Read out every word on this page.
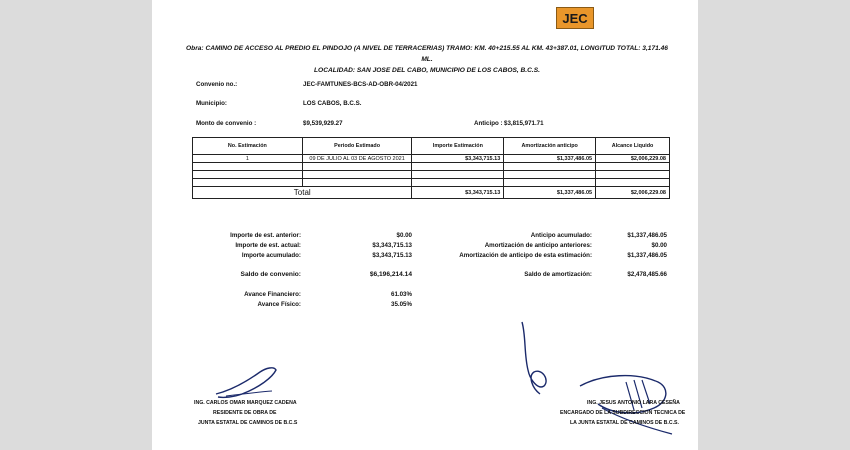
JEC
Obra: CAMINO DE ACCESO AL PREDIO EL PINDOJO (A NIVEL DE TERRACERIAS) TRAMO: KM. 40+215.55 AL KM. 43+387.01, LONGITUD TOTAL: 3,171.46 ML.
LOCALIDAD: SAN JOSE DEL CABO, MUNICIPIO DE LOS CABOS, B.C.S.
Convenio no.:	JEC-FAMTUNES-BCS-AD-OBR-04/2021
Municipio:	LOS CABOS, B.C.S.
Monto de convenio :	$9,539,929.27	Anticipo : $3,815,971.71
No. Estimación	Periodo Estimado	Importe Estimación	Amortización anticipo	Alcance Liquido
1	09 DE JULIO AL 03 DE AGOSTO 2021	$3,343,715.13	$1,337,486.05	$2,006,229.08

Total		$3,343,715.13	$1,337,486.05	$2,006,229.08
Importe de est. anterior:	$0.00
Importe de est. actual:	$3,343,715.13
Importe acumulado:	$3,343,715.13
Saldo de convenio:	$6,196,214.14
Avance Financiero:	61.03%
Avance Físico:	35.05%
Anticipo acumulado:	$1,337,486.05
Amortización de anticipo anteriores:	$0.00
Amortización de anticipo de esta estimación:	$1,337,486.05
Saldo de amortización:	$2,478,485.66
ING. CARLOS OMAR MARQUEZ CADENA
RESIDENTE DE OBRA DE
JUNTA ESTATAL DE CAMINOS DE B.C.S
ING. JESUS ANTONIO LARA CESEÑA
ENCARGADO DE LA SUBDIRECCION TECNICA DE
LA JUNTA ESTATAL DE CAMINOS DE B.C.S.
